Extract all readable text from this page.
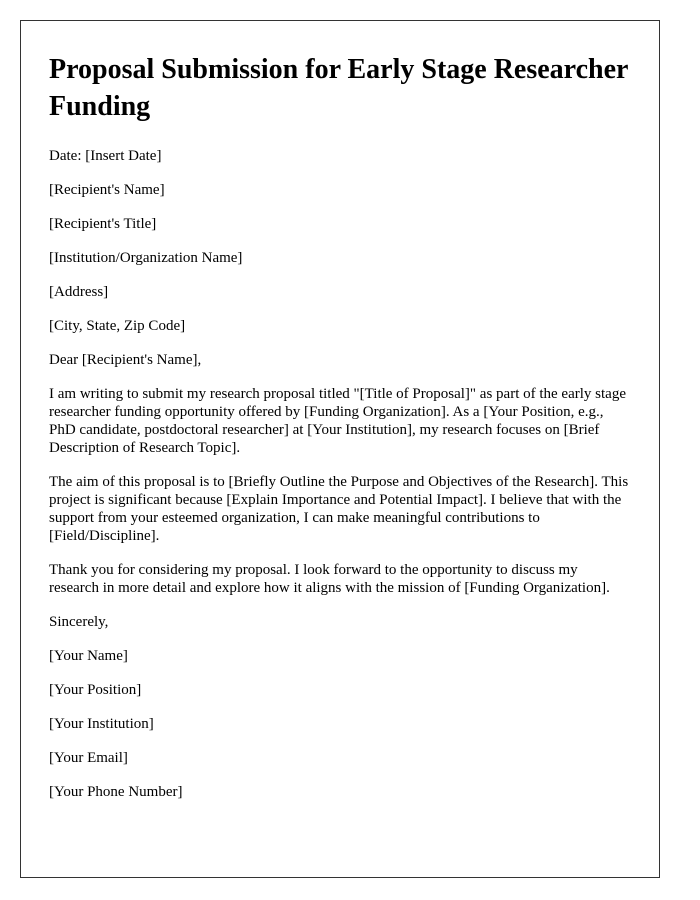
Proposal Submission for Early Stage Researcher Funding

Date: [Insert Date]

[Recipient's Name]

[Recipient's Title]

[Institution/Organization Name]

[Address]

[City, State, Zip Code]

Dear [Recipient's Name],

I am writing to submit my research proposal titled "[Title of Proposal]" as part of the early stage researcher funding opportunity offered by [Funding Organization]. As a [Your Position, e.g., PhD candidate, postdoctoral researcher] at [Your Institution], my research focuses on [Brief Description of Research Topic].

The aim of this proposal is to [Briefly Outline the Purpose and Objectives of the Research]. This project is significant because [Explain Importance and Potential Impact]. I believe that with the support from your esteemed organization, I can make meaningful contributions to [Field/Discipline].

Thank you for considering my proposal. I look forward to the opportunity to discuss my research in more detail and explore how it aligns with the mission of [Funding Organization].

Sincerely,

[Your Name]

[Your Position]

[Your Institution]

[Your Email]

[Your Phone Number]
